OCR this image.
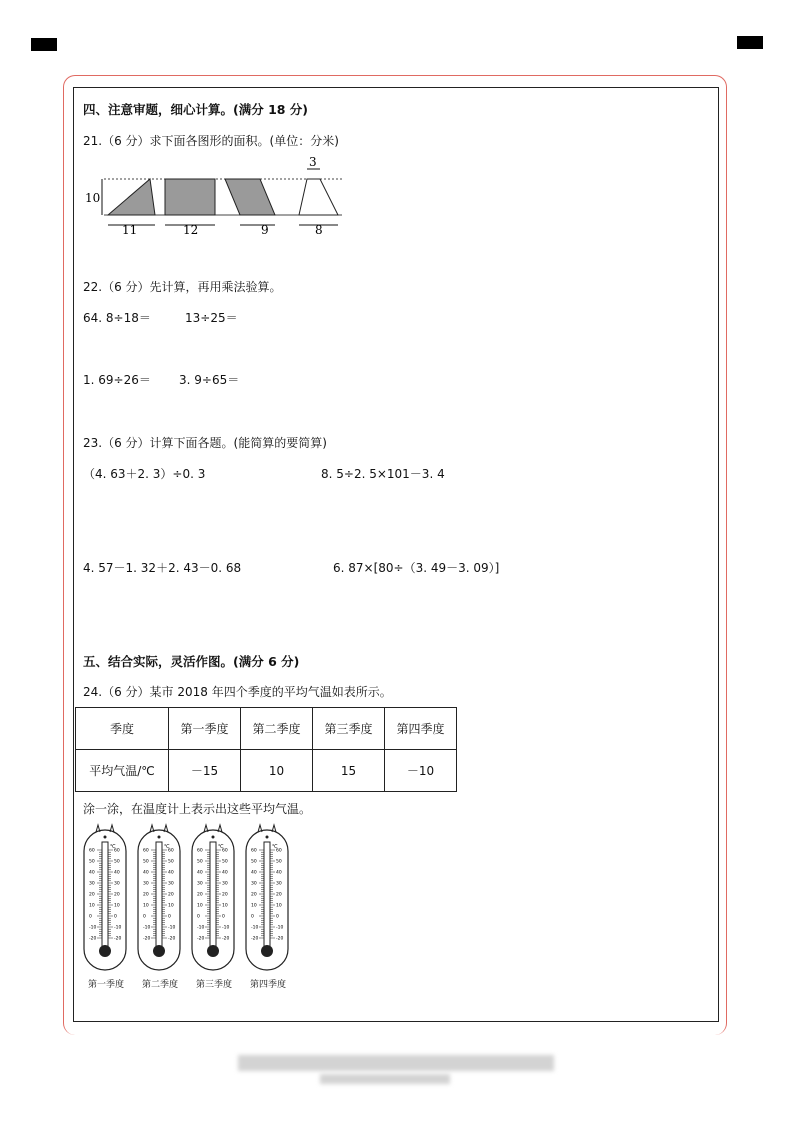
四、注意审题，细心计算。(满分 18 分)
21.（6 分）求下面各图形的面积。(单位：分米)
10
11	12	9
3
8
22.（6 分）先计算，再用乘法验算。
64. 8÷18＝	13÷25＝
1. 69÷26＝ 3. 9÷65＝
23.（6 分）计算下面各题。(能简算的要简算)
（4. 63＋2. 3）÷0. 3	8. 5÷2. 5×101－3. 4
4. 57－1. 32＋2. 43－0. 68	6. 87×[80÷（3. 49－3. 09）]
五、结合实际，灵活作图。(满分 6 分)
24.（6 分）某市 2018 年四个季度的平均气温如表所示。
季度	第一季度	第二季度	第三季度	第四季度
平均气温/℃	－15	10	15	－10
涂一涂，在温度计上表示出这些平均气温。
℃
60	60
50	50
40	40
30	30
20	20
10	10
0	0
-10	-10
-20	-20
℃
60	60
50	50
40	40
30	30
20	20
10	10
0	0
-10	-10
-20	-20
℃
60	60
50	50
40	40
30	30
20	20
10	10
0	0
-10	-10
-20	-20
℃
60	60
50	50
40	40
30	30
20	20
10	10
0	0
-10	-10
-20	-20
第一季度 第二季度 第三季度 第四季度
